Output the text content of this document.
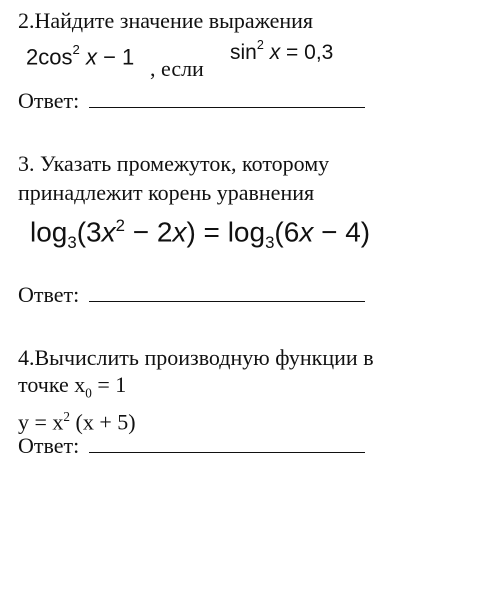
2.Найдите значение выражения
$2\cos^2$ x − 1 , если
$\sin^2 x = 0,3$
Ответ:
3. Указать промежуток, которому
принадлежит корень уравнения
$\log_3(3x^2 - 2x) = \log_3(6x - 4)$
Ответ:
4.Вычислить производную функции в
точке $x_0 = 1$
$y = x^2$ (x + 5)
Ответ:
